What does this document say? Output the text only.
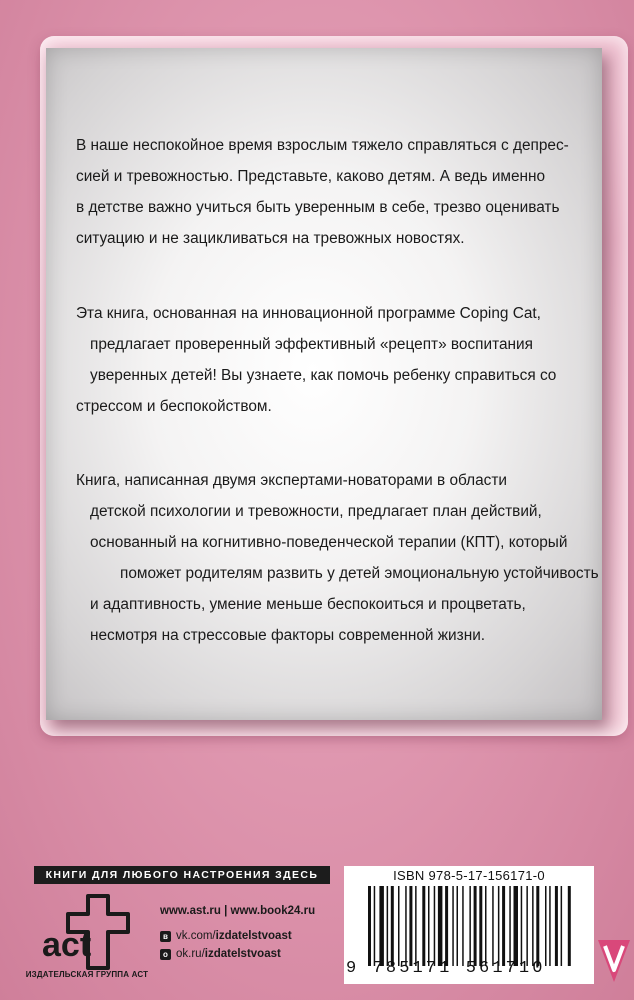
В наше неспокойное время взрослым тяжело справляться с депрес-
сией и тревожностью. Представьте, каково детям. А ведь именно
в детстве важно учиться быть уверенным в себе, трезво оценивать
ситуацию и не зацикливаться на тревожных новостях.

Эта книга, основанная на инновационной программе Coping Cat,
предлагает проверенный эффективный «рецепт» воспитания
уверенных детей! Вы узнаете, как помочь ребенку справиться со
стрессом и беспокойством.

Книга, написанная двумя экспертами-новаторами в области
детской психологии и тревожности, предлагает план действий,
основанный на когнитивно-поведенческой терапии (КПТ), который
поможет родителям развить у детей эмоциональную устойчивость
и адаптивность, умение меньше беспокоиться и процветать,
несмотря на стрессовые факторы современной жизни.

КНИГИ ДЛЯ ЛЮБОГО НАСТРОЕНИЯ ЗДЕСЬ
act
ИЗДАТЕЛЬСКАЯ ГРУППА АСТ
www.ast.ru | www.book24.ru
в vk.com/izdatelstvoast
о ok.ru/izdatelstvoast
ISBN 978-5-17-156171-0
9 785171 561710
